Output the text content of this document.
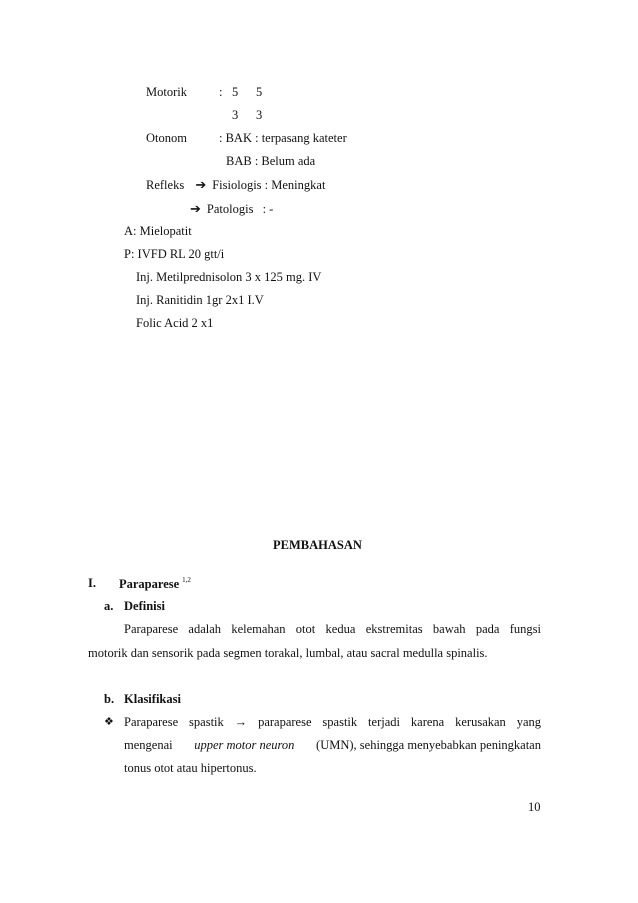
Motorik	: 5 5
3 3
Otonom	: BAK : terpasang kateter
BAB : Belum ada
Refleks ➔ Fisiologis : Meningkat
➔ Patologis : -
A: Mielopatit
P: IVFD RL 20 gtt/i
Inj. Metilprednisolon 3 x 125 mg. IV
Inj. Ranitidin 1gr 2x1 I.V
Folic Acid 2 x1
PEMBAHASAN
I. Paraparese $^{1,2}$
a. Definisi
Paraparese adalah kelemahan otot kedua ekstremitas bawah pada fungsi
motorik dan sensorik pada segmen torakal, lumbal, atau sacral medulla spinalis.
b. Klasifikasi
❖ Paraparese spastik → paraparese spastik terjadi karena kerusakan yang
mengenai upper motor neuron (UMN), sehingga menyebabkan peningkatan
tonus otot atau hipertonus.
10
